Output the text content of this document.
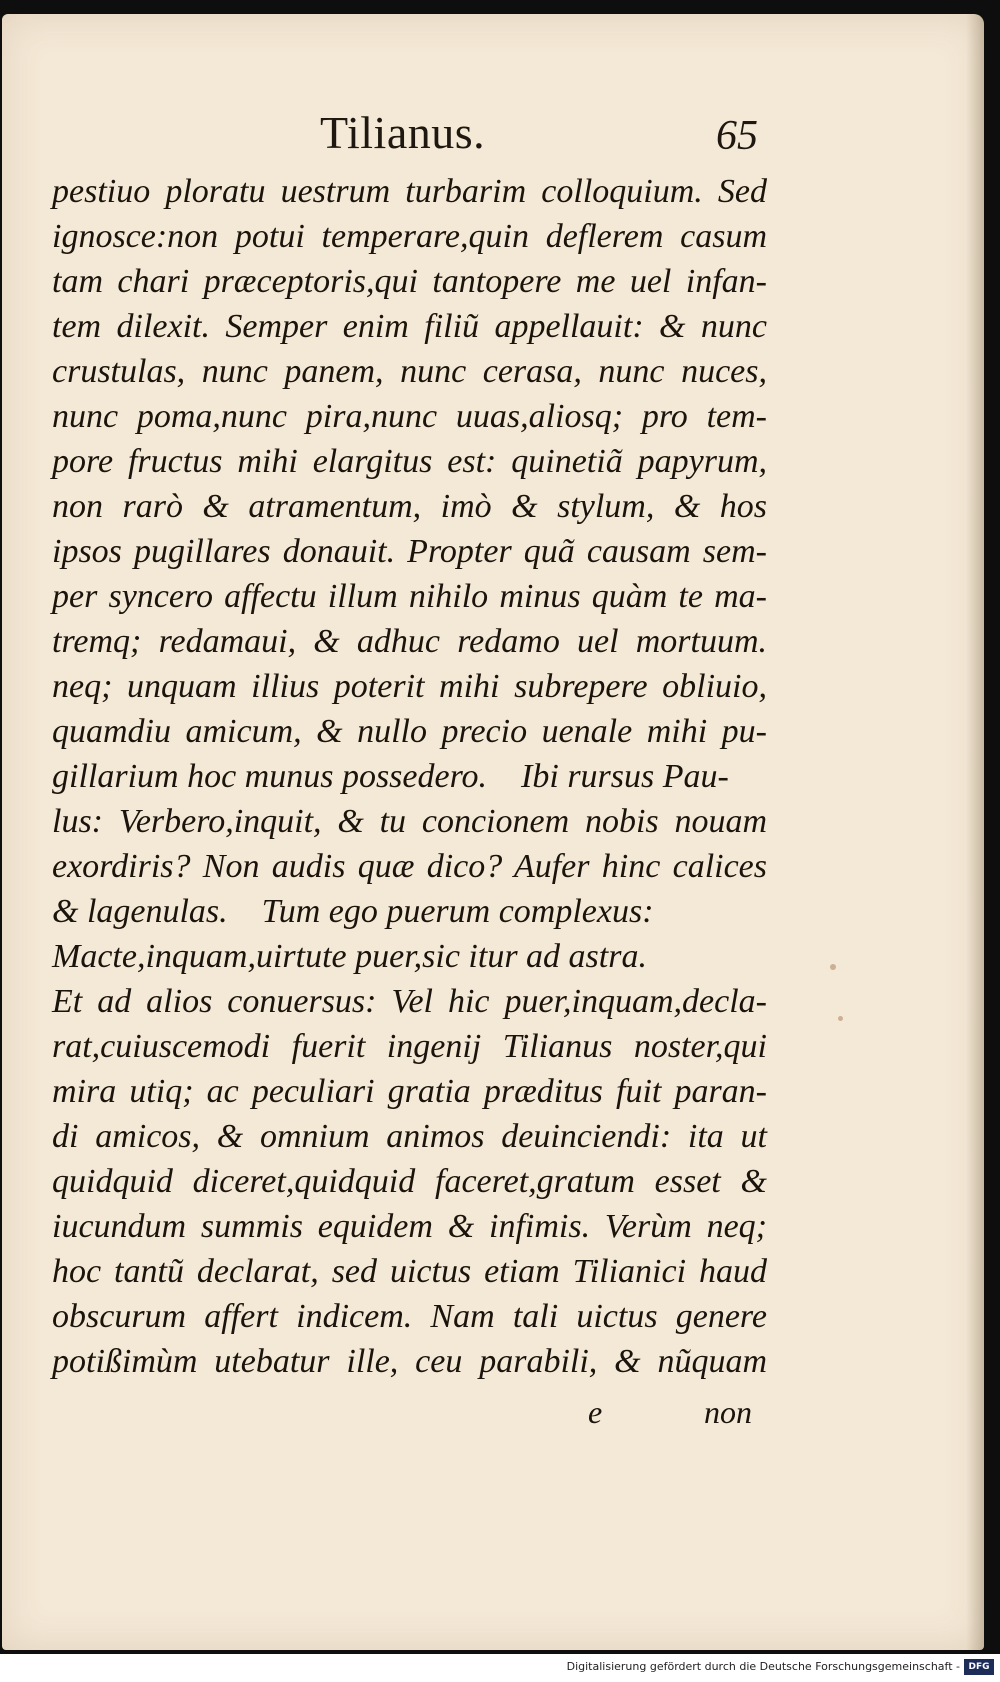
Tilianus.	65
pestiuo ploratu uestrum turbarim colloquium. Sed
ignosce:non potui temperare,quin deflerem casum
tam chari præceptoris,qui tantopere me uel infan-
tem dilexit. Semper enim filiũ appellauit: & nunc
crustulas, nunc panem, nunc cerasa, nunc nuces,
nunc poma,nunc pira,nunc uuas,aliosq; pro tem-
pore fructus mihi elargitus est: quinetiã papyrum,
non rarò & atramentum, imò & stylum, & hos
ipsos pugillares donauit. Propter quã causam sem-
per syncero affectu illum nihilo minus quàm te ma-
tremq; redamaui, & adhuc redamo uel mortuum.
neq; unquam illius poterit mihi subrepere obliuio,
quamdiu amicum, & nullo precio uenale mihi pu-
gillarium hoc munus possedero.    Ibi rursus Pau-
lus: Verbero,inquit, & tu concionem nobis nouam
exordiris? Non audis quæ dico? Aufer hinc calices
& lagenulas.    Tum ego puerum complexus:
Macte,inquam,uirtute puer,sic itur ad astra.
Et ad alios conuersus: Vel hic puer,inquam,decla-
rat,cuiuscemodi fuerit ingenij Tilianus noster,qui
mira utiq; ac peculiari gratia præditus fuit paran-
di amicos, & omnium animos deuinciendi: ita ut
quidquid diceret,quidquid faceret,gratum esset &
iucundum summis equidem & infimis. Verùm neq;
hoc tantũ declarat, sed uictus etiam Tilianici haud
obscurum affert indicem. Nam tali uictus genere
potißimùm utebatur ille, ceu parabili, & nũquam
e	non
Digitalisierung gefördert durch die Deutsche Forschungsgemeinschaft - DFG
